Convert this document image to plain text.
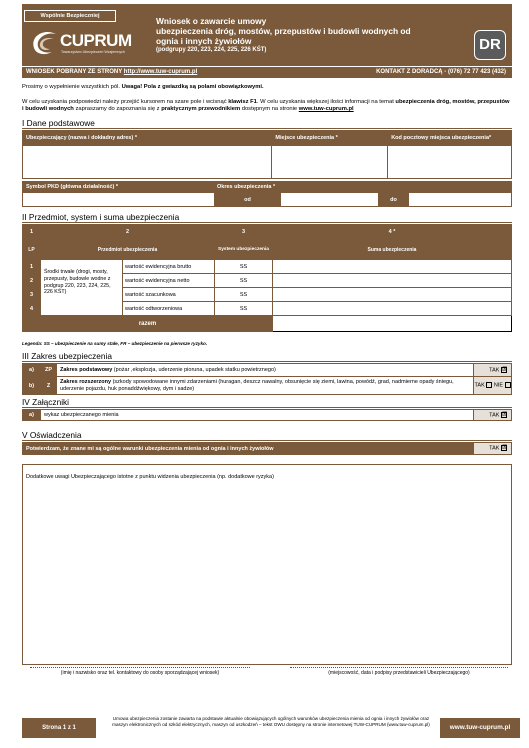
Wspólnie Bezpieczniej
CUPRUM
Towarzystwo Ubezpieczeń Wzajemnych
Wniosek o zawarcie umowy
ubezpieczenia dróg, mostów, przepustów i budowli wodnych od
ognia i innych żywiołów
(podgrupy 220, 223, 224, 225, 226 KŚT)	DR
WNIOSEK POBRANY ZE STRONY http://www.tuw-cuprum.pl	KONTAKT Z DORADCĄ - (076) 72 77 423 (432)
Prosimy o wypełnienie wszystkich pól. Uwaga! Pola z gwiazdką są polami obowiązkowymi.
W celu uzyskania podpowiedzi należy przejść kursorem na szare pole i wcisnąć klawisz F1. W celu uzyskania większej ilości informacji na temat ubezpieczenia dróg, mostów, przepustów i budowli wodnych zapraszamy do zapoznania się z praktycznym przewodnikiem dostępnym na stronie www.tuw-cuprum.pl
I Dane podstawowe
Ubezpieczający (nazwa i dokładny adres) *	Miejsce ubezpieczenia *	Kod pocztowy miejsca ubezpieczenia*

Symbol PKD (główna działalność) *	Okres ubezpieczenia *			
	od		do	
II Przedmiot, system i suma ubezpieczenia
1	2		3	4 *
LP	Przedmiot ubezpieczenia		System ubezpieczenia	Suma ubezpieczenia
1	Środki trwałe (drogi, mosty, przepusty, budowle wodne z podgrup 220, 223, 224, 225, 226 KŚT)	wartość ewidencyjna brutto	SS	
2		wartość ewidencyjna netto	SS	
3		wartość szacunkowa	SS	
4		wartość odtworzeniowa	SS	
razem				
Legenda: SS – ubezpieczenie na sumy stałe, FR – ubezpieczenie na pierwsze ryzyko.
III Zakres ubezpieczenia
a)	ZP	Zakres podstawowy (pożar ,eksplozja, uderzenie pioruna, upadek statku powietrznego)	TAK ☒
b)	Z	Zakres rozszerzony (szkody spowodowane innymi zdarzeniami (huragan, deszcz nawalny, obsunięcie się ziemi, lawina, powódź, grad, nadmierne opady śniegu, uderzenie pojazdu, huk ponaddźwiękowy, dym i sadze)	TAK NIE
IV Załączniki
a)	wykaz ubezpieczanego mienia	TAK ☒
V Oświadczenia
Potwierdzam, że znane mi są ogólne warunki ubezpieczenia mienia od ognia i innych żywiołów	TAK ☒
Dodatkowe uwagi Ubezpieczającego istotne z punktu widzenia ubezpieczenia (np. dodatkowe ryzyka)

(imię i nazwisko oraz tel. kontaktowy do osoby sporządzającej wniosek)	(miejscowość, data i podpisy przedstawicieli Ubezpieczającego)
Strona 1 z 1
Umowa ubezpieczenia zostanie zawarta na podstawie aktualnie obowiązujących ogólnych warunków ubezpieczenia mienia od ognia i innych żywiołów oraz maszyn elektronicznych od szkód elektrycznych, maszyn od uszkodzeń – tekst OWU dostępny na stronie internetowej TUW-CUPRUM (www.tuw-cuprum.pl)	www.tuw-cuprum.pl
